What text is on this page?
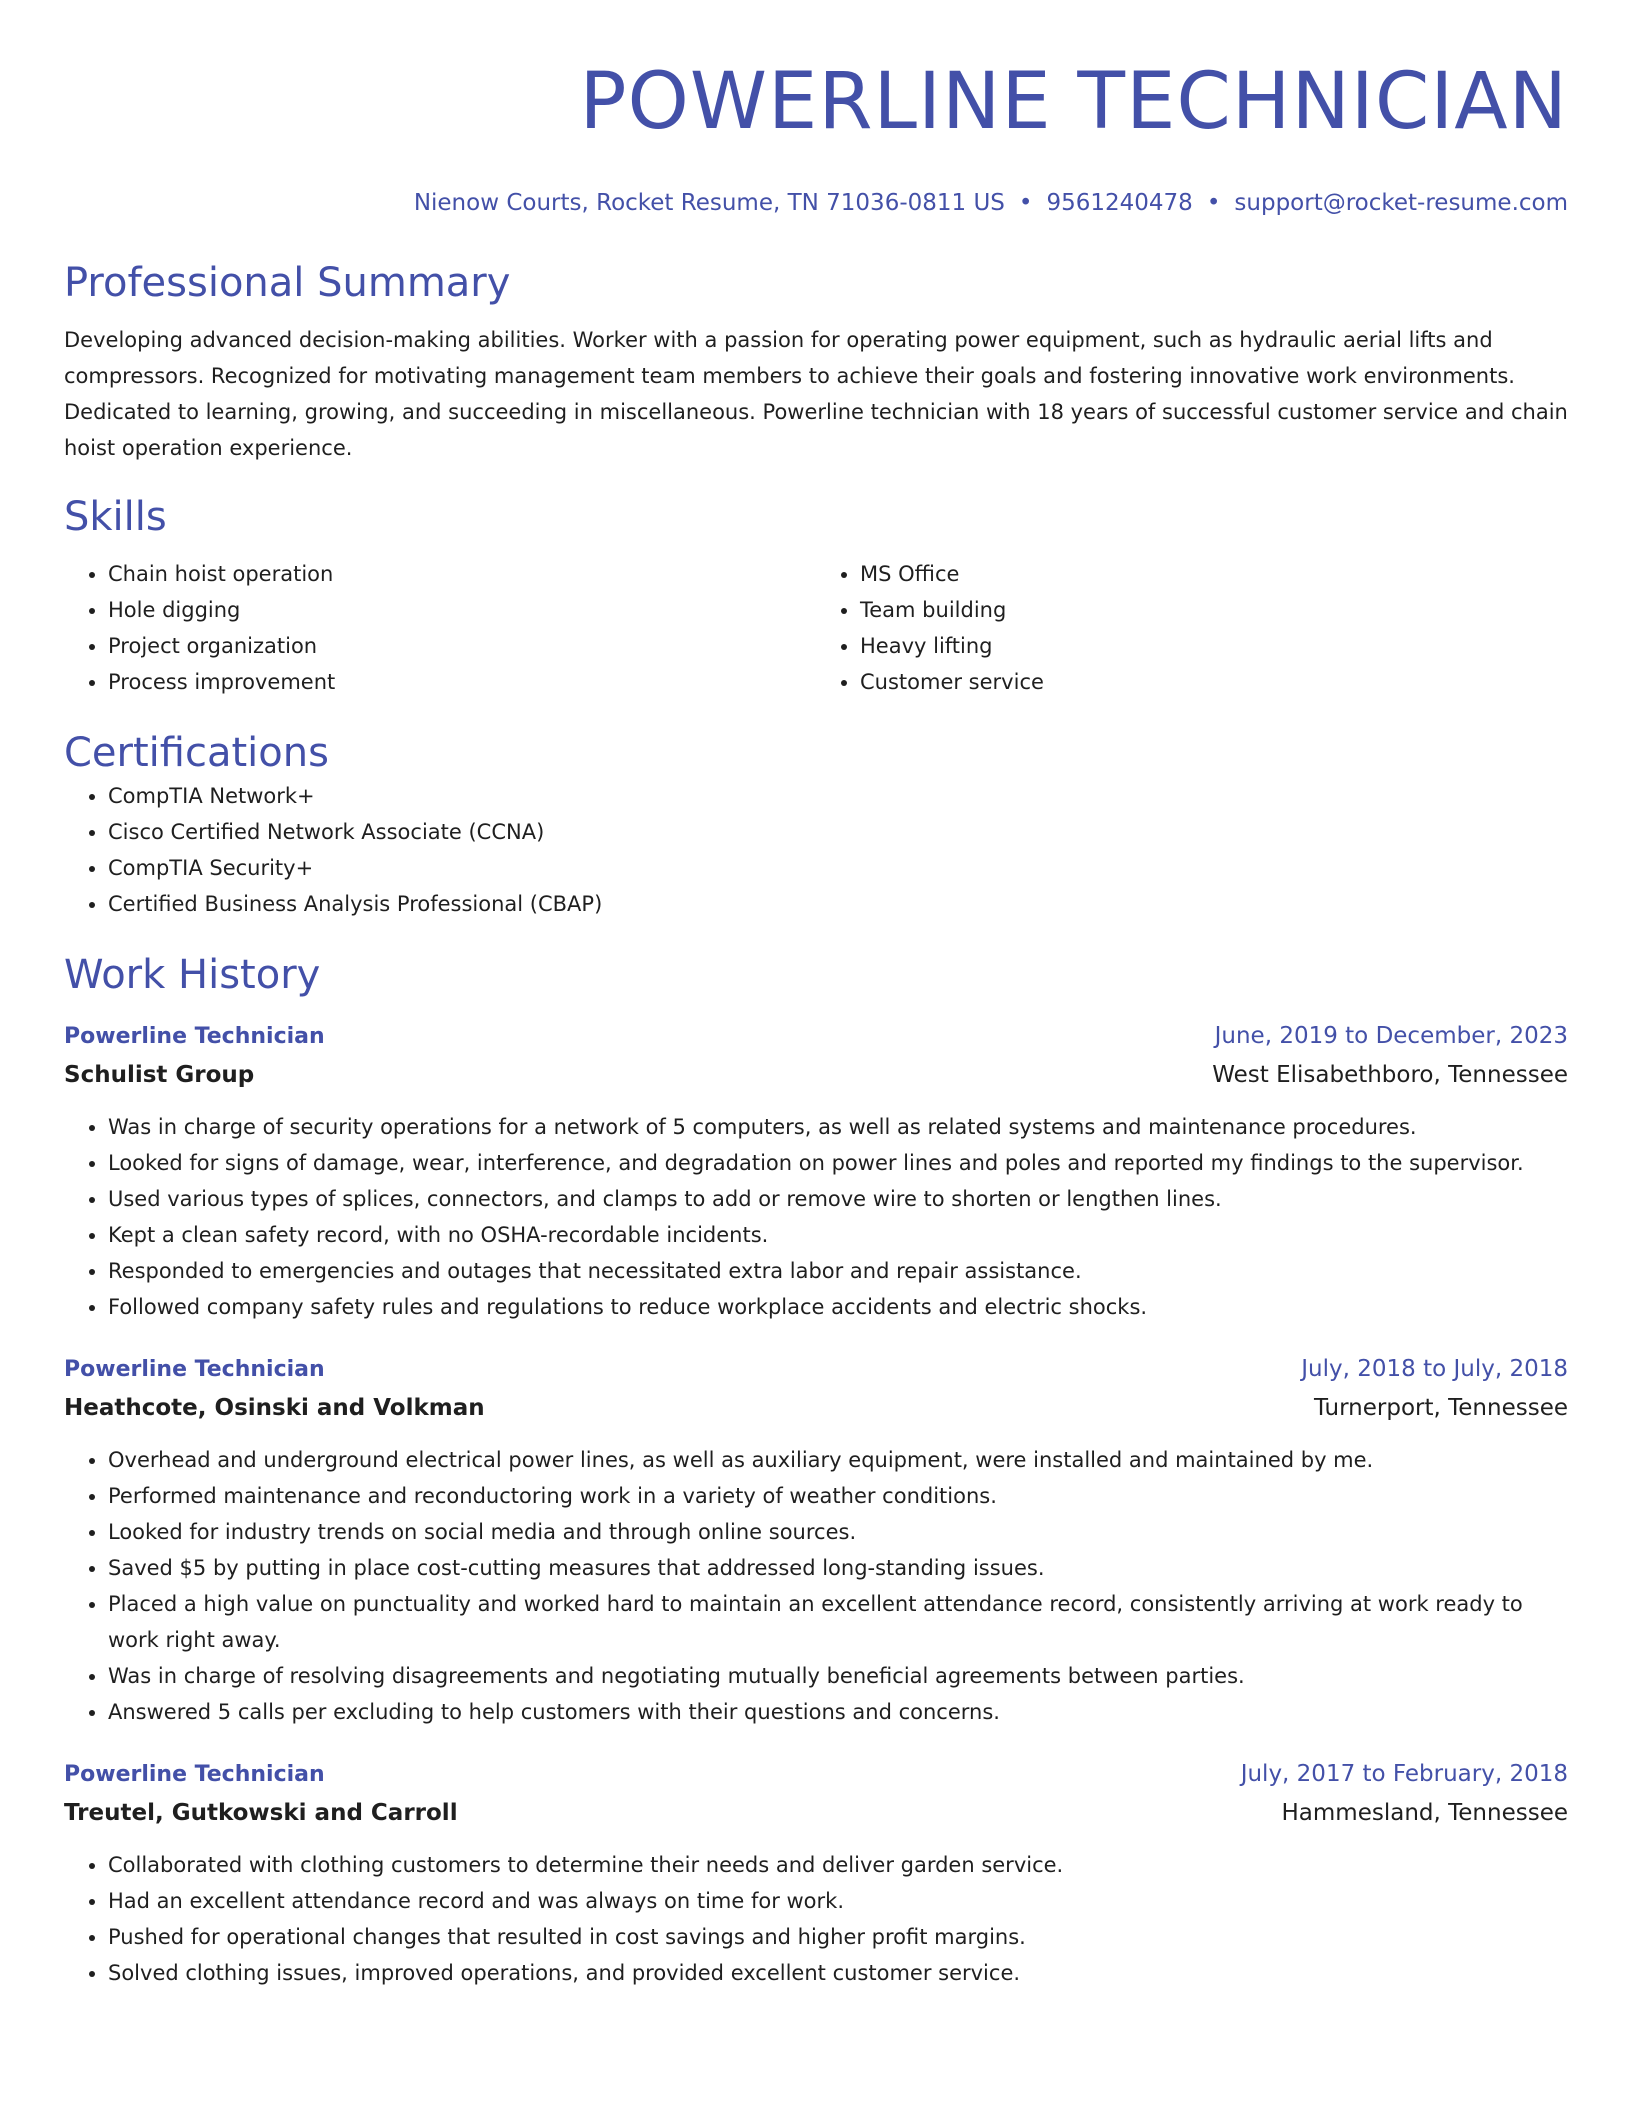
POWERLINE TECHNICIAN
Nienow Courts, Rocket Resume, TN 71036-0811 US • 9561240478 • support@rocket-resume.com
Professional Summary

Developing advanced decision-making abilities. Worker with a passion for operating power equipment, such as hydraulic aerial lifts and compressors. Recognized for motivating management team members to achieve their goals and fostering innovative work environments. Dedicated to learning, growing, and succeeding in miscellaneous. Powerline technician with 18 years of successful customer service and chain hoist operation experience.

Skills
• Chain hoist operation
• Hole digging
• Project organization
• Process improvement
• MS Office
• Team building
• Heavy lifting
• Customer service
Certifications
• CompTIA Network+
• Cisco Certified Network Associate (CCNA)
• CompTIA Security+
• Certified Business Analysis Professional (CBAP)
Work History
Powerline Technician	June, 2019 to December, 2023
Schulist Group	West Elisabethboro, Tennessee
• Was in charge of security operations for a network of 5 computers, as well as related systems and maintenance procedures.
• Looked for signs of damage, wear, interference, and degradation on power lines and poles and reported my findings to the supervisor.
• Used various types of splices, connectors, and clamps to add or remove wire to shorten or lengthen lines.
• Kept a clean safety record, with no OSHA-recordable incidents.
• Responded to emergencies and outages that necessitated extra labor and repair assistance.
• Followed company safety rules and regulations to reduce workplace accidents and electric shocks.
Powerline Technician	July, 2018 to July, 2018
Heathcote, Osinski and Volkman	Turnerport, Tennessee
• Overhead and underground electrical power lines, as well as auxiliary equipment, were installed and maintained by me.
• Performed maintenance and reconductoring work in a variety of weather conditions.
• Looked for industry trends on social media and through online sources.
• Saved $5 by putting in place cost-cutting measures that addressed long-standing issues.
• Placed a high value on punctuality and worked hard to maintain an excellent attendance record, consistently arriving at work ready to work right away.
• Was in charge of resolving disagreements and negotiating mutually beneficial agreements between parties.
• Answered 5 calls per excluding to help customers with their questions and concerns.
Powerline Technician	July, 2017 to February, 2018
Treutel, Gutkowski and Carroll	Hammesland, Tennessee
• Collaborated with clothing customers to determine their needs and deliver garden service.
• Had an excellent attendance record and was always on time for work.
• Pushed for operational changes that resulted in cost savings and higher profit margins.
• Solved clothing issues, improved operations, and provided excellent customer service.
